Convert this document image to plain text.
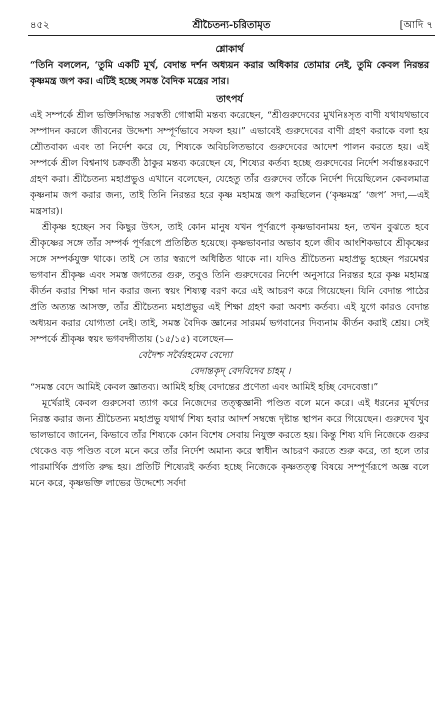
৪৫২	শ্রীচৈতন্য-চরিতামৃত	[আদি ৭
শ্লোকার্থ

“তিনি বললেন, ‘তুমি একটি মূর্খ, বেদান্ত দর্শন অধ্যয়ন করার অধিকার তোমার নেই, তুমি কেবল নিরন্তর কৃষ্ণমন্ত্র জপ কর। এটিই হচ্ছে সমস্ত বৈদিক মন্ত্রের সার।

তাৎপর্য

এই সম্পর্কে শ্রীল ভক্তিসিদ্ধান্ত সরস্বতী গোস্বামী মন্তব্য করেছেন, “শ্রীগুরুদেবের মুখনিঃসৃত বাণী যথাযথভাবে সম্পাদন করলে জীবনের উদ্দেশ্য সম্পূর্ণভাবে সফল হয়।” এভাবেই গুরুদেবের বাণী গ্রহণ করাকে বলা হয় শ্রৌতবাক্য এবং তা নির্দেশ করে যে, শিষ্যকে অবিচলিতভাবে গুরুদেবের আদেশ পালন করতে হয়। এই সম্পর্কে শ্রীল বিশ্বনাথ চক্রবর্তী ঠাকুর মন্তব্য করেছেন যে, শিষ্যের কর্তব্য হচ্ছে গুরুদেবের নির্দেশ সর্বান্তঃকরণে গ্রহণ করা। শ্রীচৈতন্য মহাপ্রভুও এখানে বলেছেন, যেহেতু তাঁর গুরুদেব তাঁকে নির্দেশ দিয়েছিলেন কেবলমাত্র কৃষ্ণনাম জপ করার জন্য, তাই তিনি নিরন্তর হরে কৃষ্ণ মহামন্ত্র জপ করছিলেন (‘কৃষ্ণমন্ত্র’ ‘জপ’ সদা,—এই মন্ত্রসার)।

শ্রীকৃষ্ণ হচ্ছেন সব কিছুর উৎস, তাই কোন মানুষ যখন পূর্ণরূপে কৃষ্ণভাবনাময় হন, তখন বুঝতে হবে শ্রীকৃষ্ণের সঙ্গে তাঁর সম্পর্ক পূর্ণরূপে প্রতিষ্ঠিত হয়েছে। কৃষ্ণভাবনার অভাব হলে জীব আংশিকভাবে শ্রীকৃষ্ণের সঙ্গে সম্পর্কযুক্ত থাকে। তাই সে তার স্বরূপে অধিষ্ঠিত থাকে না। যদিও শ্রীচৈতন্য মহাপ্রভু হচ্ছেন পরমেশ্বর ভগবান শ্রীকৃষ্ণ এবং সমস্ত জগতের গুরু, তবুও তিনি গুরুদেবের নির্দেশ অনুসারে নিরন্তর হরে কৃষ্ণ মহামন্ত্র কীর্তন করার শিক্ষা দান করার জন্য স্বয়ং শিষ্যত্ব বরণ করে এই আচরণ করে গিয়েছেন। যিনি বেদান্ত পাঠের প্রতি অত্যন্ত আসক্ত, তাঁর শ্রীচৈতন্য মহাপ্রভুর এই শিক্ষা গ্রহণ করা অবশ্য কর্তব্য। এই যুগে কারও বেদান্ত অধ্যয়ন করার যোগ্যতা নেই। তাই, সমস্ত বৈদিক জ্ঞানের সারমর্ম ভগবানের দিব্যনাম কীর্তন করাই শ্রেয়। সেই সম্পর্কে শ্রীকৃষ্ণ স্বয়ং ভগবদ্গীতায় (১৫/১৫) বলেছেন—

বেদৈশ্চ সর্বৈরহমেব বেদ্যো
বেদান্তকৃদ্ বেদবিদেব চাহম্ ।

“সমস্ত বেদে আমিই কেবল জ্ঞাতব্য। আমিই হচ্ছি বেদান্তের প্রণেতা এবং আমিই হচ্ছি বেদবেত্তা।”

মূর্খেরাই কেবল গুরুসেবা ত্যাগ করে নিজেদের তত্ত্বজ্ঞানী পণ্ডিত বলে মনে করে। এই ধরনের মূর্খদের নিরস্ত করার জন্য শ্রীচৈতন্য মহাপ্রভু যথার্থ শিষ্য হবার আদর্শ সম্বন্ধে দৃষ্টান্ত স্থাপন করে গিয়েছেন। গুরুদেব খুব ভালভাবে জানেন, কিভাবে তাঁর শিষ্যকে কোন বিশেষ সেবায় নিযুক্ত করতে হয়। কিন্তু শিষ্য যদি নিজেকে গুরুর থেকেও বড় পণ্ডিত বলে মনে করে তাঁর নির্দেশ অমান্য করে স্বাধীন আচরণ করতে শুরু করে, তা হলে তার পারমার্থিক প্রগতি রুদ্ধ হয়। প্রতিটি শিষ্যেরই কর্তব্য হচ্ছে নিজেকে কৃষ্ণতত্ত্ব বিষয়ে সম্পূর্ণরূপে অজ্ঞ বলে মনে করে, কৃষ্ণভক্তি লাভের উদ্দেশ্যে সর্বদা
